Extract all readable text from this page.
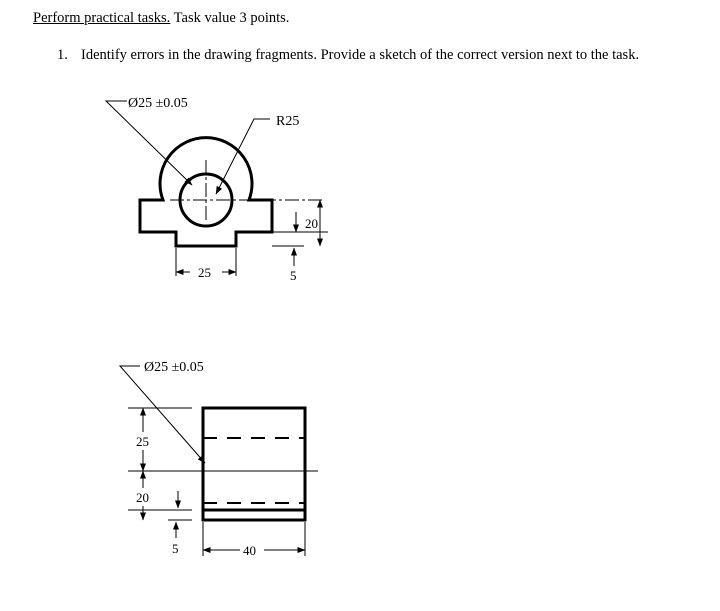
Perform practical tasks. Task value 3 points.
1. Identify errors in the drawing fragments. Provide a sketch of the correct version next to the task.
Ø25 ±0.05
R25
20
5
25
Ø25 ±0.05
25
20
5	40
